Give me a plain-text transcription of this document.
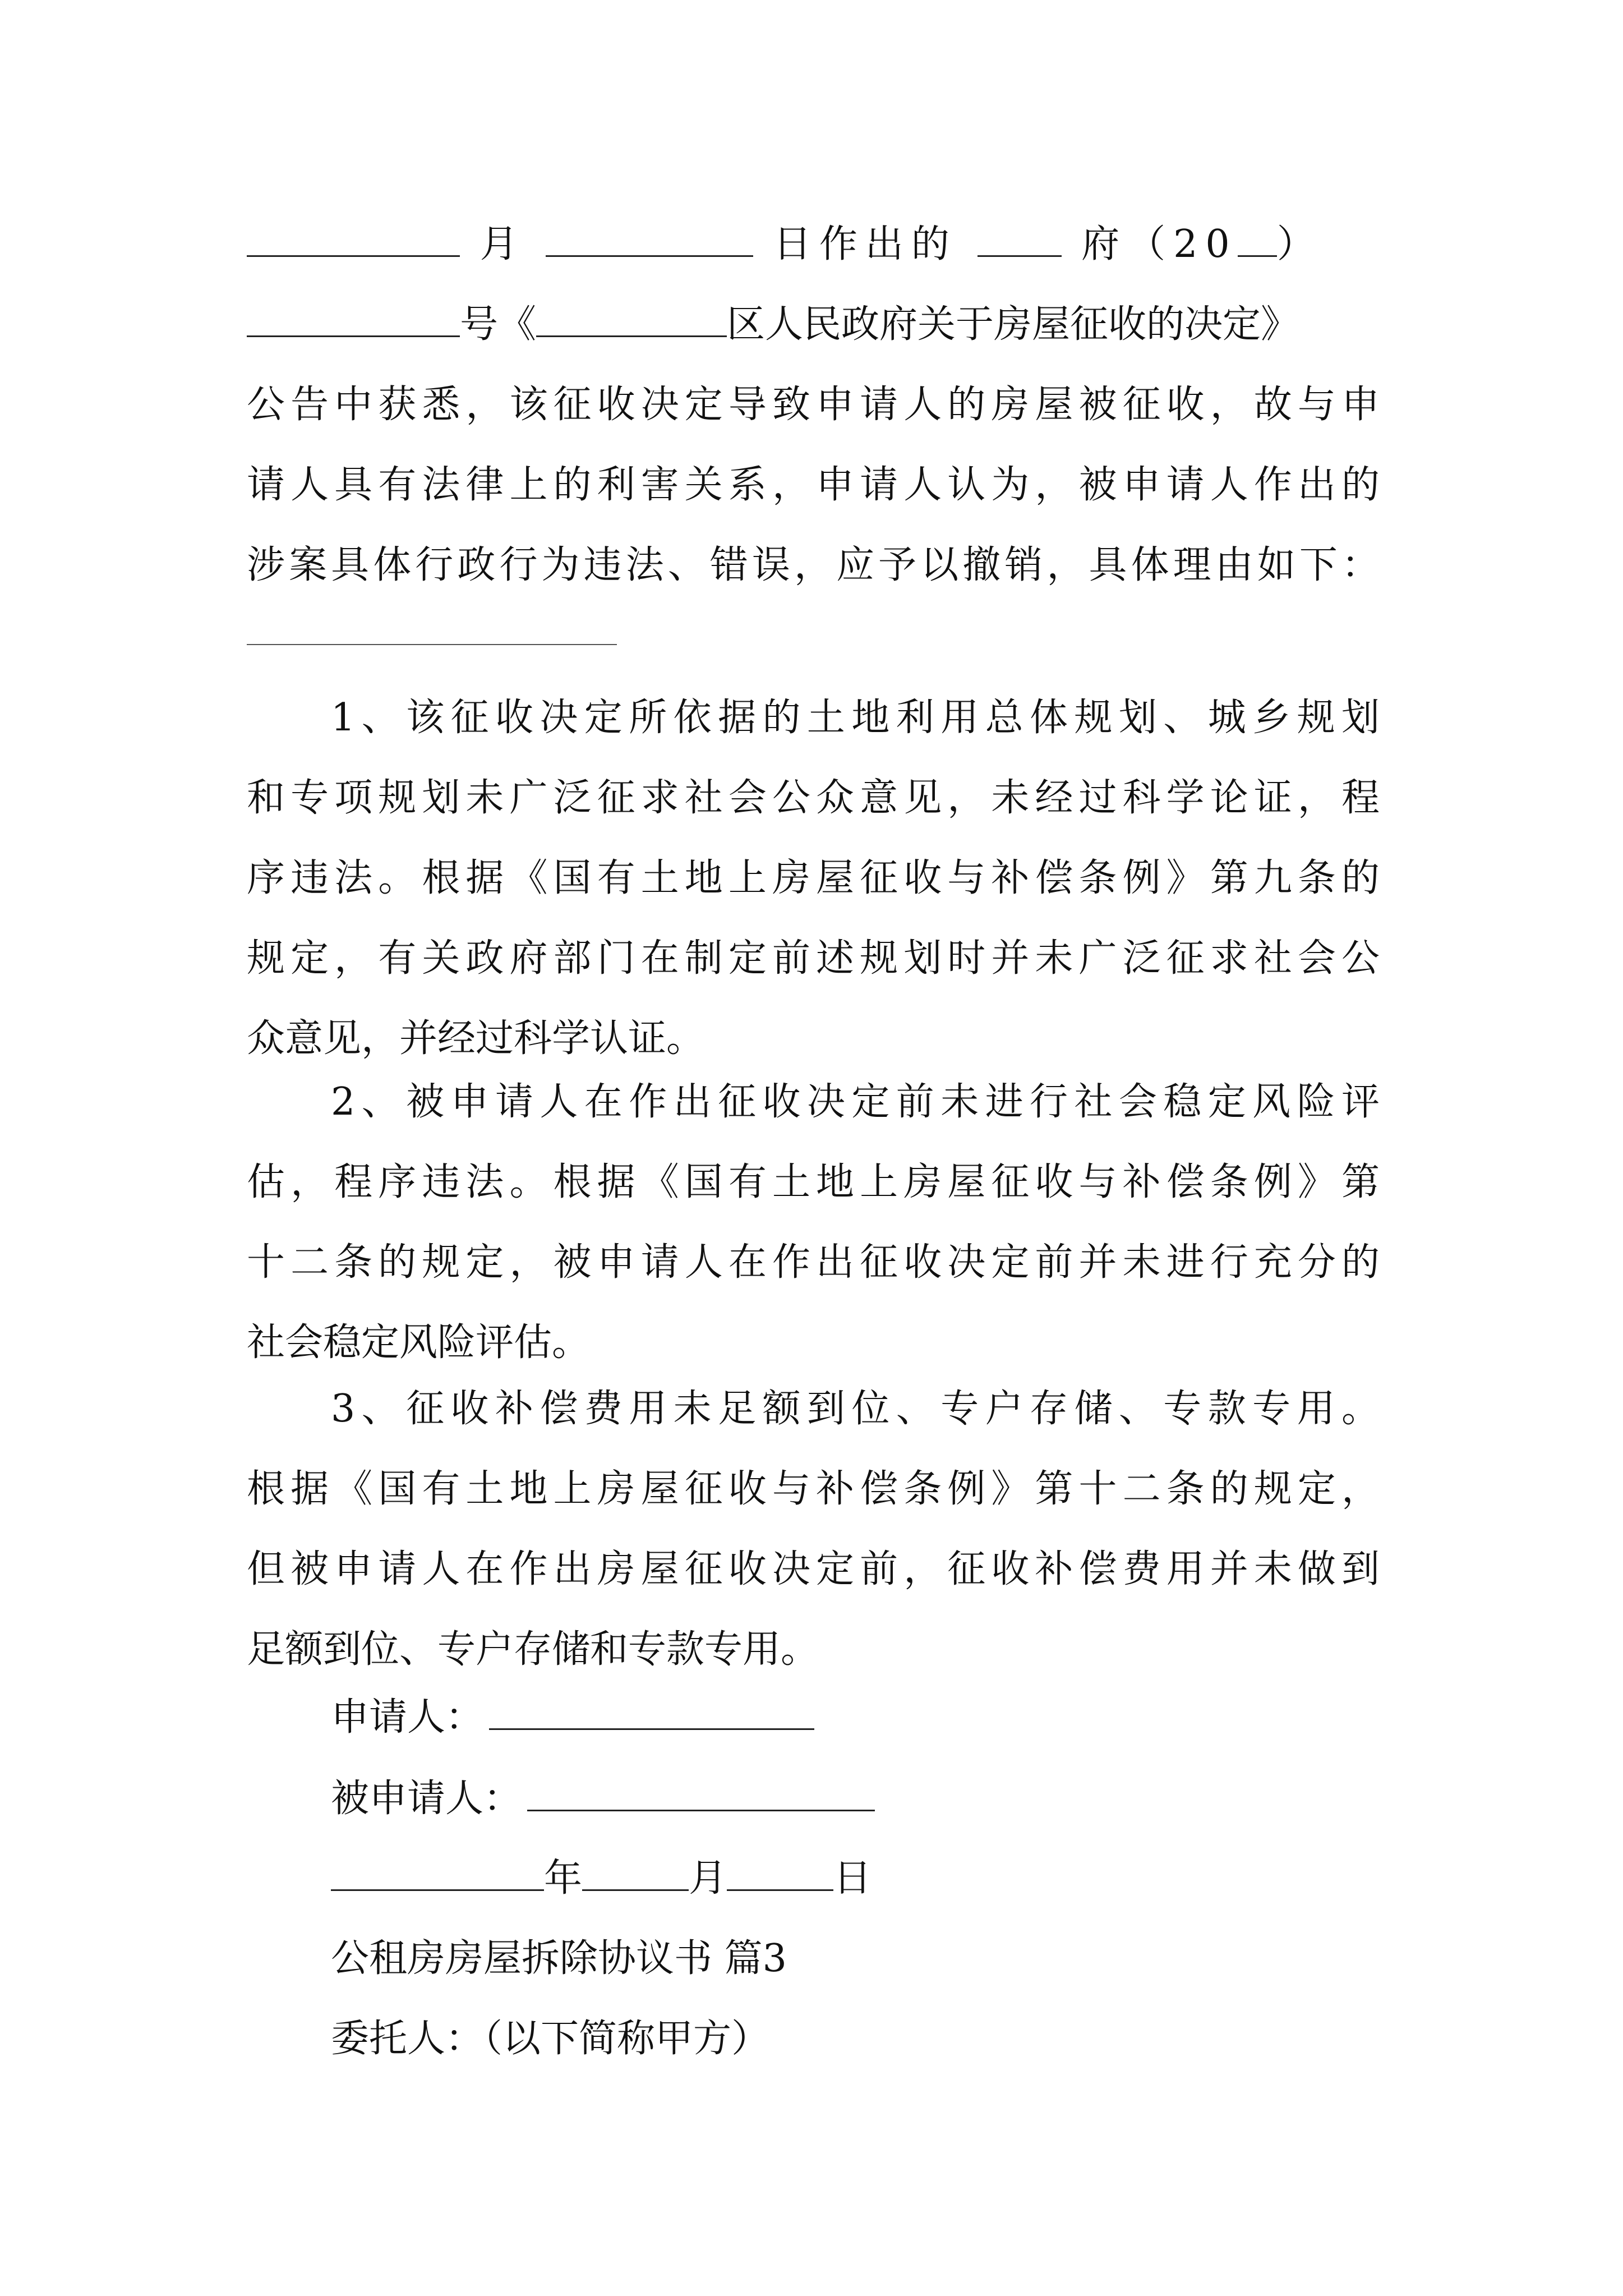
月	日作出的	府（20 ）
号《	区人民政府关于房屋征收的决定》
公告中获悉，该征收决定导致申请人的房屋被征收，故与申
请人具有法律上的利害关系，申请人认为，被申请人作出的
涉案具体行政行为违法、错误，应予以撤销，具体理由如下：
1、该征收决定所依据的土地利用总体规划、城乡规划
和专项规划未广泛征求社会公众意见，未经过科学论证，程
序违法。根据《国有土地上房屋征收与补偿条例》第九条的
规定，有关政府部门在制定前述规划时并未广泛征求社会公
众意见，并经过科学认证。
2、被申请人在作出征收决定前未进行社会稳定风险评
估，程序违法。根据《国有土地上房屋征收与补偿条例》第
十二条的规定，被申请人在作出征收决定前并未进行充分的
社会稳定风险评估。
3、征收补偿费用未足额到位、专户存储、专款专用。
根据《国有土地上房屋征收与补偿条例》第十二条的规定，
但被申请人在作出房屋征收决定前，征收补偿费用并未做到
足额到位、专户存储和专款专用。
申请人：
被申请人：
年	月	日
公租房房屋拆除协议书 篇3
委托人：（以下简称甲方）
